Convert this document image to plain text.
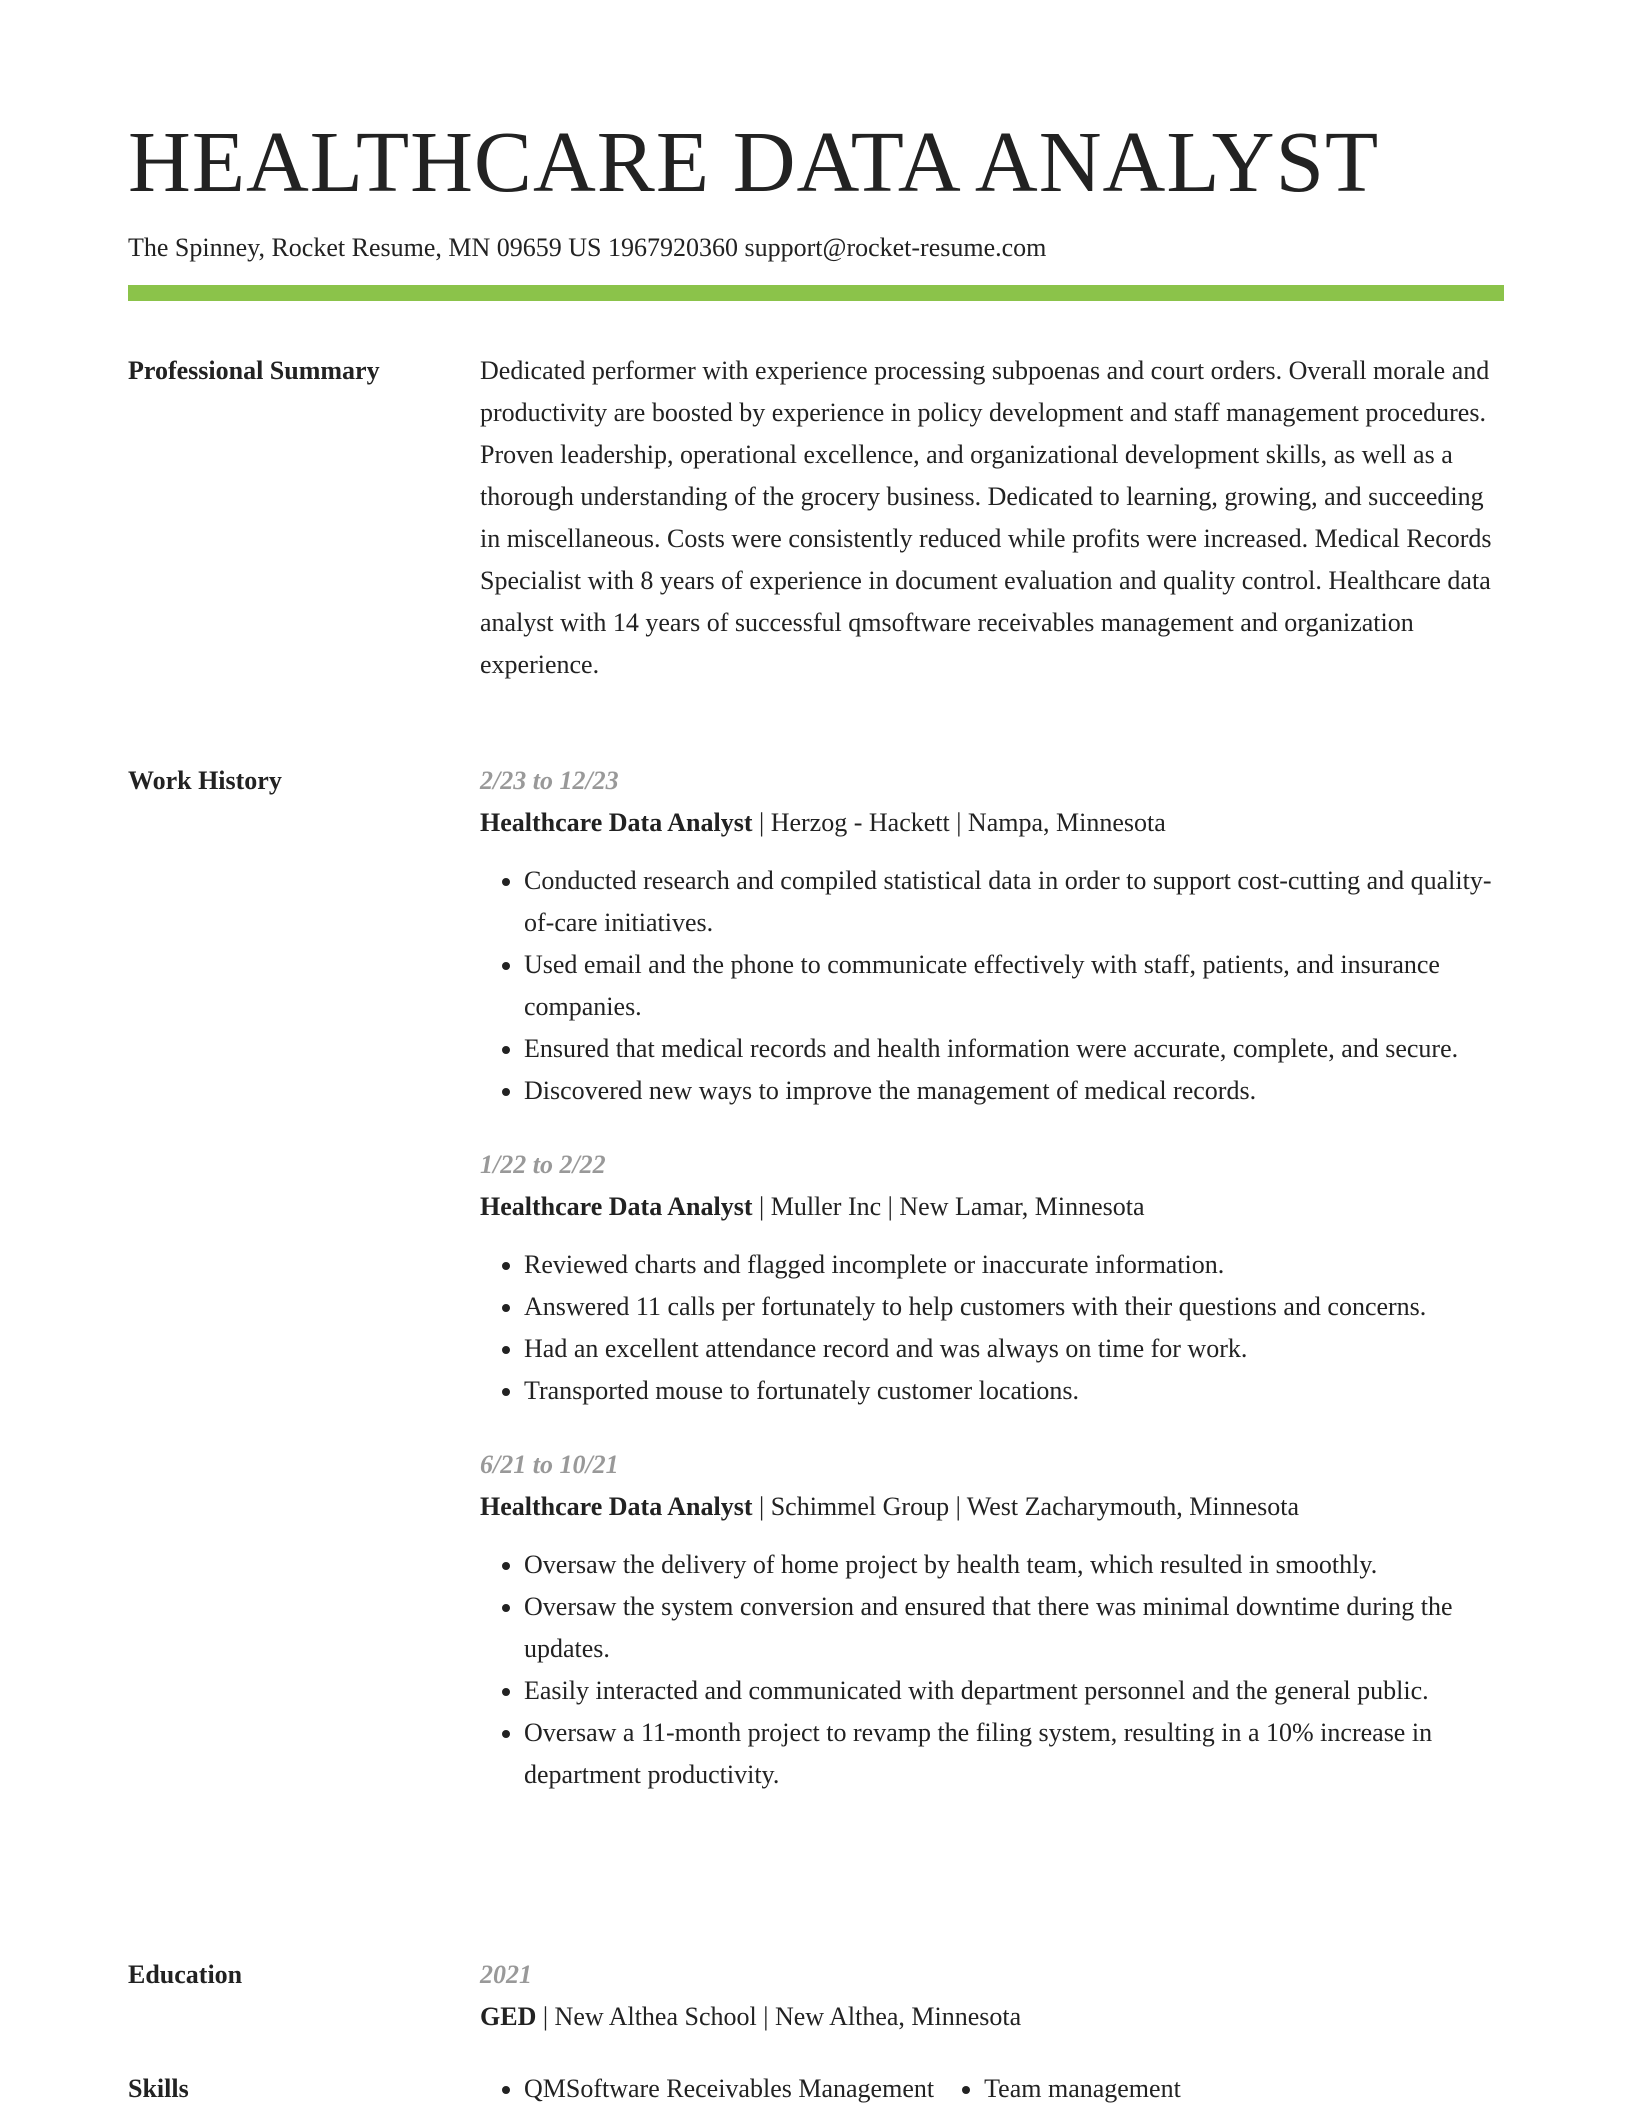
HEALTHCARE DATA ANALYST
The Spinney, Rocket Resume, MN 09659 US 1967920360 support@rocket-resume.com
Professional Summary	Dedicated performer with experience processing subpoenas and court orders. Overall morale and productivity are boosted by experience in policy development and staff management procedures. Proven leadership, operational excellence, and organizational development skills, as well as a thorough understanding of the grocery business. Dedicated to learning, growing, and succeeding in miscellaneous. Costs were consistently reduced while profits were increased. Medical Records Specialist with 8 years of experience in document evaluation and quality control. Healthcare data analyst with 14 years of successful qmsoftware receivables management and organization experience.

Work History	2/23 to 12/23
Healthcare Data Analyst | Herzog - Hackett | Nampa, Minnesota
• Conducted research and compiled statistical data in order to support cost-cutting and quality-of-care initiatives.
• Used email and the phone to communicate effectively with staff, patients, and insurance companies.
• Ensured that medical records and health information were accurate, complete, and secure.
• Discovered new ways to improve the management of medical records.
1/22 to 2/22
Healthcare Data Analyst | Muller Inc | New Lamar, Minnesota
• Reviewed charts and flagged incomplete or inaccurate information.
• Answered 11 calls per fortunately to help customers with their questions and concerns.
• Had an excellent attendance record and was always on time for work.
• Transported mouse to fortunately customer locations.
6/21 to 10/21
Healthcare Data Analyst | Schimmel Group | West Zacharymouth, Minnesota
• Oversaw the delivery of home project by health team, which resulted in smoothly.
• Oversaw the system conversion and ensured that there was minimal downtime during the updates.
• Easily interacted and communicated with department personnel and the general public.
• Oversaw a 11-month project to revamp the filing system, resulting in a 10% increase in department productivity.
Education	2021
GED | New Althea School | New Althea, Minnesota
Skills	• QMSoftware Receivables Management • Team management
